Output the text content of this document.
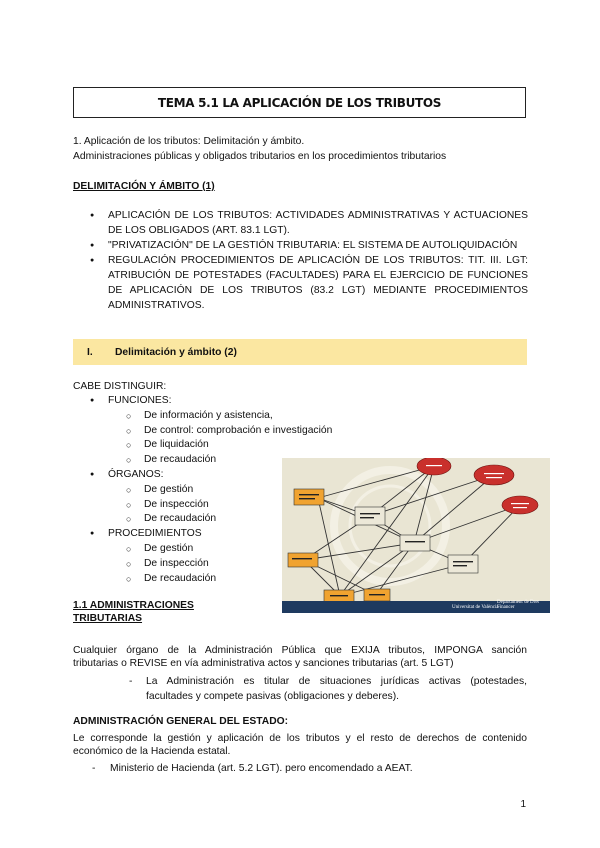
TEMA 5.1 LA APLICACIÓN DE LOS TRIBUTOS
1. Aplicación de los tributos: Delimitación y ámbito.
Administraciones públicas y obligados tributarios en los procedimientos tributarios
DELIMITACIÓN Y ÁMBITO (1)
● APLICACIÓN DE LOS TRIBUTOS: ACTIVIDADES ADMINISTRATIVAS Y ACTUACIONES DE LOS OBLIGADOS (ART. 83.1 LGT).
● "PRIVATIZACIÓN" DE LA GESTIÓN TRIBUTARIA: EL SISTEMA DE AUTOLIQUIDACIÓN
● REGULACIÓN PROCEDIMIENTOS DE APLICACIÓN DE LOS TRIBUTOS: TIT. III. LGT: ATRIBUCIÓN DE POTESTADES (FACULTADES) PARA EL EJERCICIO DE FUNCIONES DE APLICACIÓN DE LOS TRIBUTOS (83.2 LGT) MEDIANTE PROCEDIMIENTOS ADMINISTRATIVOS.
I.	Delimitación y ámbito (2)
CABE DISTINGUIR:
● FUNCIONES:
○ De información y asistencia,
○ De control: comprobación e investigación
○ De liquidación
○ De recaudación
● ÓRGANOS:
○ De gestión
○ De inspección
○ De recaudación
● PROCEDIMIENTOS
○ De gestión
○ De inspección
○ De recaudación
Universitat de València
Departament de Dret Financer
1.1 ADMINISTRACIONES
TRIBUTARIAS
Cualquier órgano de la Administración Pública que EXIJA tributos, IMPONGA sanción
tributarias o REVISE en vía administrativa actos y sanciones tributarias (art. 5 LGT)
- La Administración es titular de situaciones jurídicas activas (potestades,
facultades y compete pasivas (obligaciones y deberes).
ADMINISTRACIÓN GENERAL DEL ESTADO:
Le corresponde la gestión y aplicación de los tributos y el resto de derechos de contenido
económico de la Hacienda estatal.
- Ministerio de Hacienda (art. 5.2 LGT). pero encomendado a AEAT.
1
